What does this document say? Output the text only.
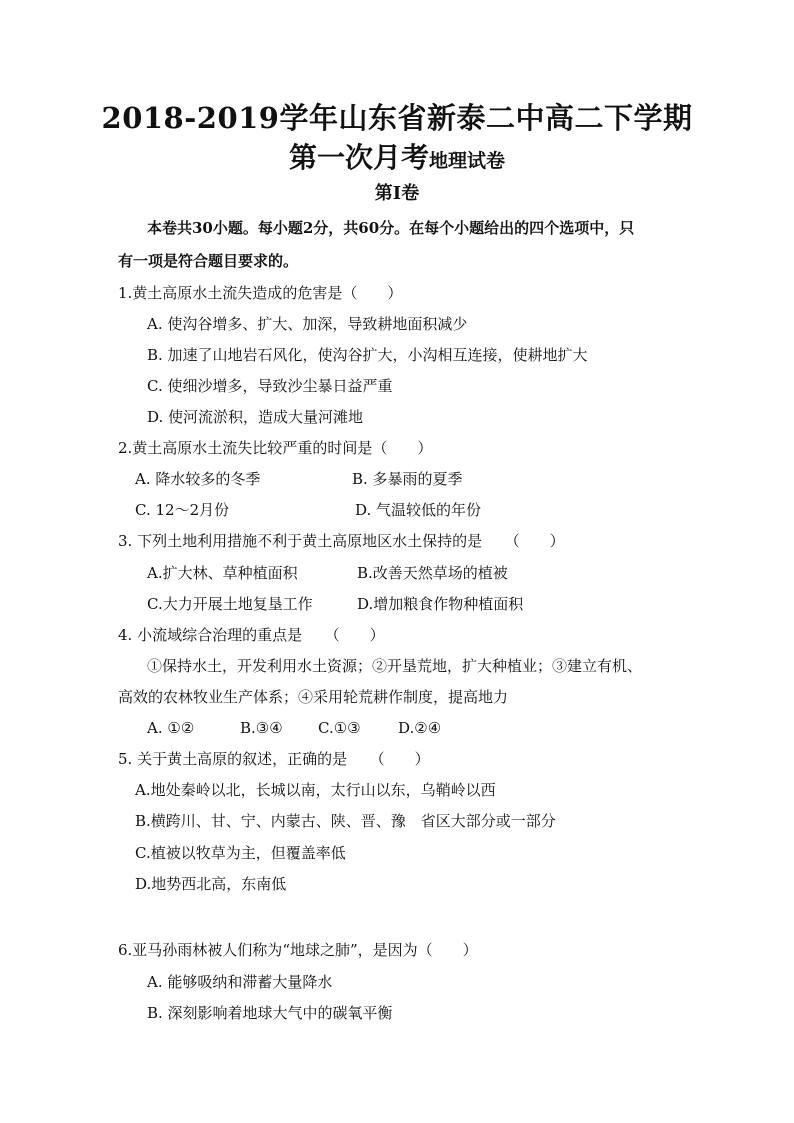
2018-2019学年山东省新泰二中高二下学期
第一次月考地理试卷
第Ⅰ卷
本卷共30小题。每小题2分，共60分。在每个小题给出的四个选项中，只
有一项是符合题目要求的。
1.黄土高原水土流失造成的危害是（　　）
A. 使沟谷增多、扩大、加深，导致耕地面积减少
B. 加速了山地岩石风化，使沟谷扩大，小沟相互连接，使耕地扩大
C. 使细沙增多，导致沙尘暴日益严重
D. 使河流淤积，造成大量河滩地
2.黄土高原水土流失比较严重的时间是（　　）
A. 降水较多的冬季	B. 多暴雨的夏季
C. 12～2月份	D. 气温较低的年份
3. 下列土地利用措施不利于黄土高原地区水土保持的是　　（　　）
A.扩大林、草种植面积	B.改善天然草场的植被
C.大力开展土地复垦工作	D.增加粮食作物种植面积
4. 小流域综合治理的重点是　　（　　）
①保持水土，开发利用水土资源；②开垦荒地，扩大种植业；③建立有机、
高效的农林牧业生产体系；④采用轮荒耕作制度，提高地力
A. ①②	B.③④ C.①③ D.②④
5. 关于黄土高原的叙述，正确的是　　（　　）
A.地处秦岭以北，长城以南，太行山以东，乌鞘岭以西
B.横跨川、甘、宁、内蒙古、陕、晋、豫　省区大部分或一部分
C.植被以牧草为主，但覆盖率低
D.地势西北高，东南低
6.亚马孙雨林被人们称为“地球之肺”，是因为（　　）
A. 能够吸纳和滞蓄大量降水
B. 深刻影响着地球大气中的碳氧平衡
